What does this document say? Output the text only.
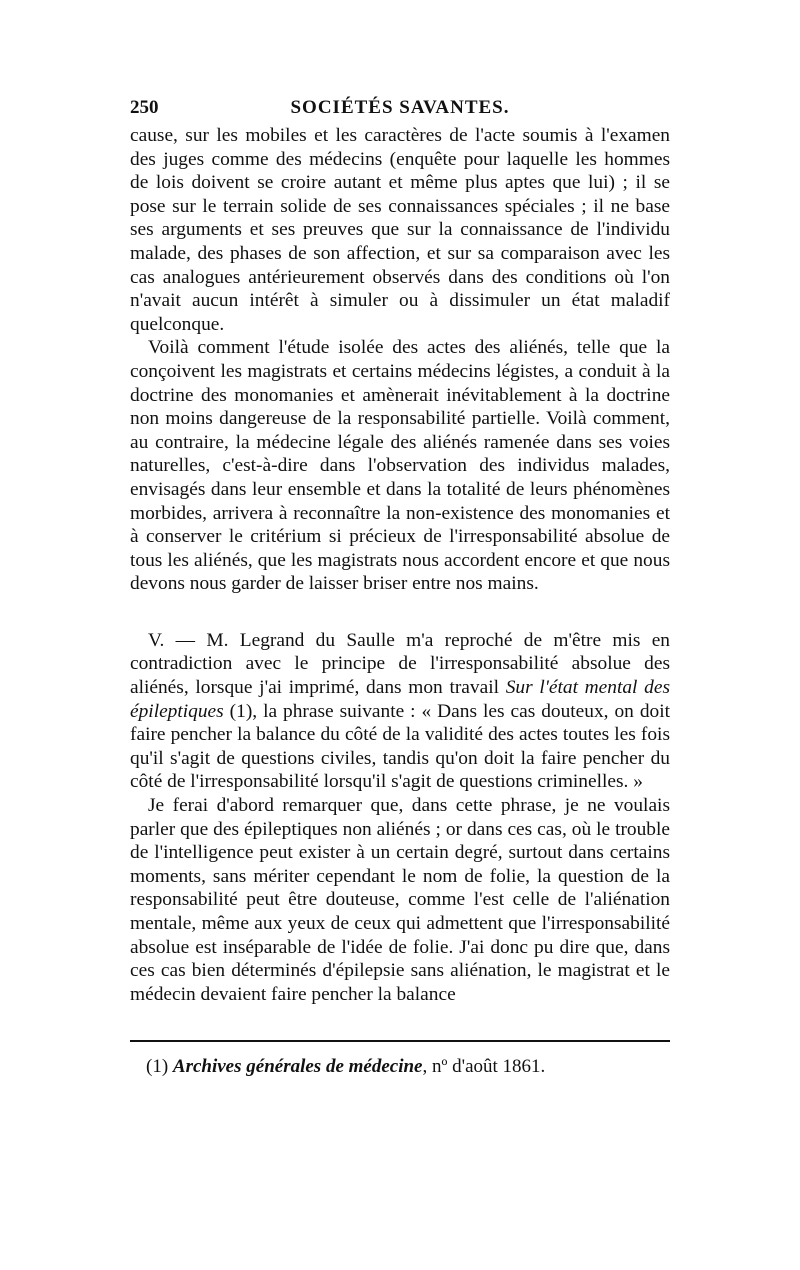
250	SOCIÉTÉS SAVANTES.

cause, sur les mobiles et les caractères de l'acte soumis à l'examen des juges comme des médecins (enquête pour laquelle les hommes de lois doivent se croire autant et même plus aptes que lui) ; il se pose sur le terrain solide de ses connaissances spéciales ; il ne base ses arguments et ses preuves que sur la connaissance de l'individu malade, des phases de son affection, et sur sa comparaison avec les cas analogues antérieurement observés dans des conditions où l'on n'avait aucun intérêt à simuler ou à dissimuler un état maladif quelconque.

Voilà comment l'étude isolée des actes des aliénés, telle que la conçoivent les magistrats et certains médecins légistes, a conduit à la doctrine des monomanies et amènerait inévitablement à la doctrine non moins dangereuse de la responsabilité partielle. Voilà comment, au contraire, la médecine légale des aliénés ramenée dans ses voies naturelles, c'est-à-dire dans l'observation des individus malades, envisagés dans leur ensemble et dans la totalité de leurs phénomènes morbides, arrivera à reconnaître la non-existence des monomanies et à conserver le critérium si précieux de l'irresponsabilité absolue de tous les aliénés, que les magistrats nous accordent encore et que nous devons nous garder de laisser briser entre nos mains.

V. — M. Legrand du Saulle m'a reproché de m'être mis en contradiction avec le principe de l'irresponsabilité absolue des aliénés, lorsque j'ai imprimé, dans mon travail Sur l'état mental des épileptiques (1), la phrase suivante : « Dans les cas douteux, on doit faire pencher la balance du côté de la validité des actes toutes les fois qu'il s'agit de questions civiles, tandis qu'on doit la faire pencher du côté de l'irresponsabilité lorsqu'il s'agit de questions criminelles. »

Je ferai d'abord remarquer que, dans cette phrase, je ne voulais parler que des épileptiques non aliénés ; or dans ces cas, où le trouble de l'intelligence peut exister à un certain degré, surtout dans certains moments, sans mériter cependant le nom de folie, la question de la responsabilité peut être douteuse, comme l'est celle de l'aliénation mentale, même aux yeux de ceux qui admettent que l'irresponsabilité absolue est inséparable de l'idée de folie. J'ai donc pu dire que, dans ces cas bien déterminés d'épilepsie sans aliénation, le magistrat et le médecin devaient faire pencher la balance

(1) Archives générales de médecine, nº d'août 1861.
